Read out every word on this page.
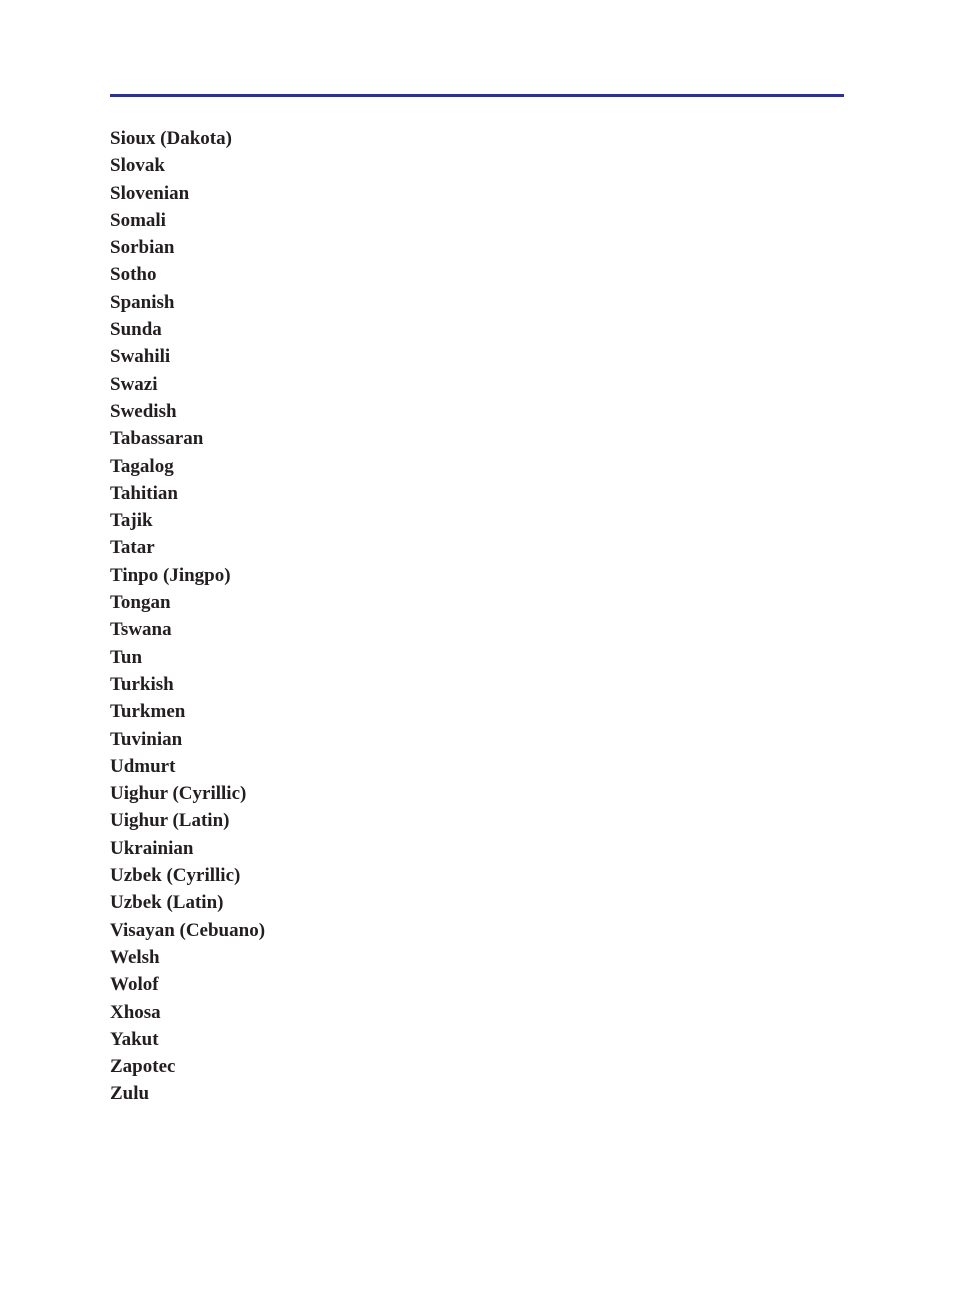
Sioux (Dakota)
Slovak
Slovenian
Somali
Sorbian
Sotho
Spanish
Sunda
Swahili
Swazi
Swedish
Tabassaran
Tagalog
Tahitian
Tajik
Tatar
Tinpo (Jingpo)
Tongan
Tswana
Tun
Turkish
Turkmen
Tuvinian
Udmurt
Uighur (Cyrillic)
Uighur (Latin)
Ukrainian
Uzbek (Cyrillic)
Uzbek (Latin)
Visayan (Cebuano)
Welsh
Wolof
Xhosa
Yakut
Zapotec
Zulu
